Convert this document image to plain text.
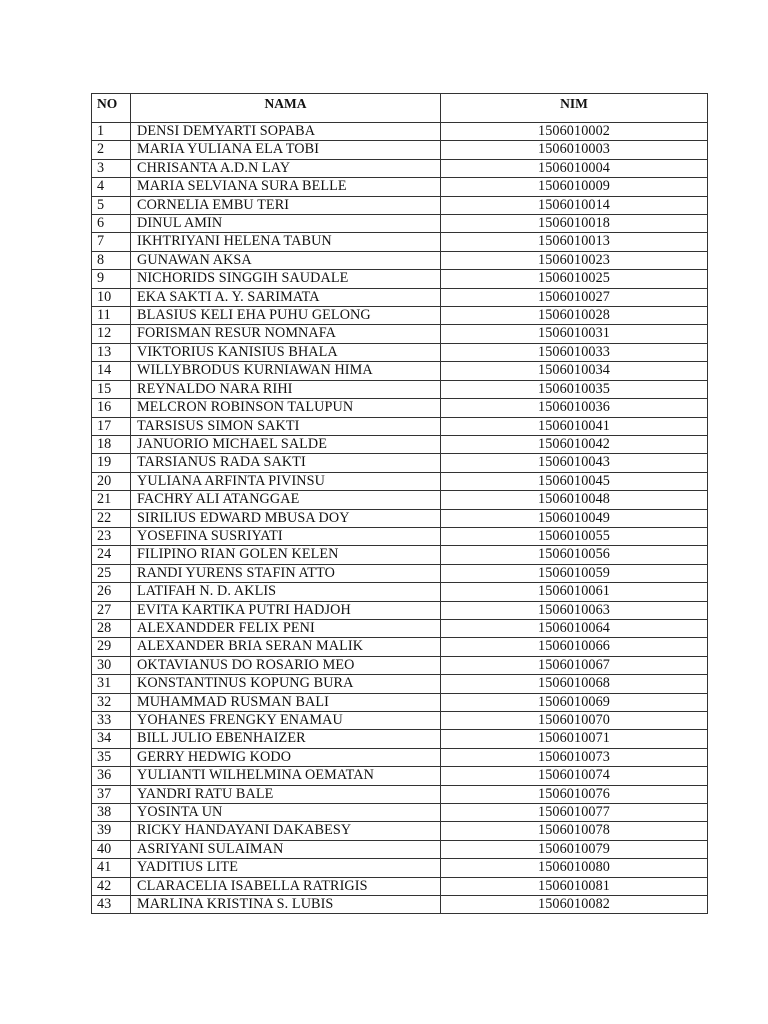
NO	NAMA	NIM
1	DENSI DEMYARTI SOPABA	1506010002
2	MARIA YULIANA ELA TOBI	1506010003
3	CHRISANTA A.D.N LAY	1506010004
4	MARIA SELVIANA SURA BELLE	1506010009
5	CORNELIA EMBU TERI	1506010014
6	DINUL AMIN	1506010018
7	IKHTRIYANI HELENA TABUN	1506010013
8	GUNAWAN AKSA	1506010023
9	NICHORIDS SINGGIH SAUDALE	1506010025
10	EKA SAKTI A. Y. SARIMATA	1506010027
11	BLASIUS KELI EHA PUHU GELONG	1506010028
12	FORISMAN RESUR NOMNAFA	1506010031
13	VIKTORIUS KANISIUS BHALA	1506010033
14	WILLYBRODUS KURNIAWAN HIMA	1506010034
15	REYNALDO NARA RIHI	1506010035
16	MELCRON ROBINSON TALUPUN	1506010036
17	TARSISUS SIMON SAKTI	1506010041
18	JANUORIO MICHAEL SALDE	1506010042
19	TARSIANUS RADA SAKTI	1506010043
20	YULIANA ARFINTA PIVINSU	1506010045
21	FACHRY ALI ATANGGAE	1506010048
22	SIRILIUS EDWARD MBUSA DOY	1506010049
23	YOSEFINA SUSRIYATI	1506010055
24	FILIPINO RIAN GOLEN KELEN	1506010056
25	RANDI YURENS STAFIN ATTO	1506010059
26	LATIFAH N. D. AKLIS	1506010061
27	EVITA KARTIKA PUTRI HADJOH	1506010063
28	ALEXANDDER FELIX PENI	1506010064
29	ALEXANDER BRIA SERAN MALIK	1506010066
30	OKTAVIANUS DO ROSARIO MEO	1506010067
31	KONSTANTINUS KOPUNG BURA	1506010068
32	MUHAMMAD RUSMAN BALI	1506010069
33	YOHANES FRENGKY ENAMAU	1506010070
34	BILL JULIO EBENHAIZER	1506010071
35	GERRY HEDWIG KODO	1506010073
36	YULIANTI WILHELMINA OEMATAN	1506010074
37	YANDRI RATU BALE	1506010076
38	YOSINTA UN	1506010077
39	RICKY HANDAYANI DAKABESY	1506010078
40	ASRIYANI SULAIMAN	1506010079
41	YADITIUS LITE	1506010080
42	CLARACELIA ISABELLA RATRIGIS	1506010081
43	MARLINA KRISTINA S. LUBIS	1506010082
